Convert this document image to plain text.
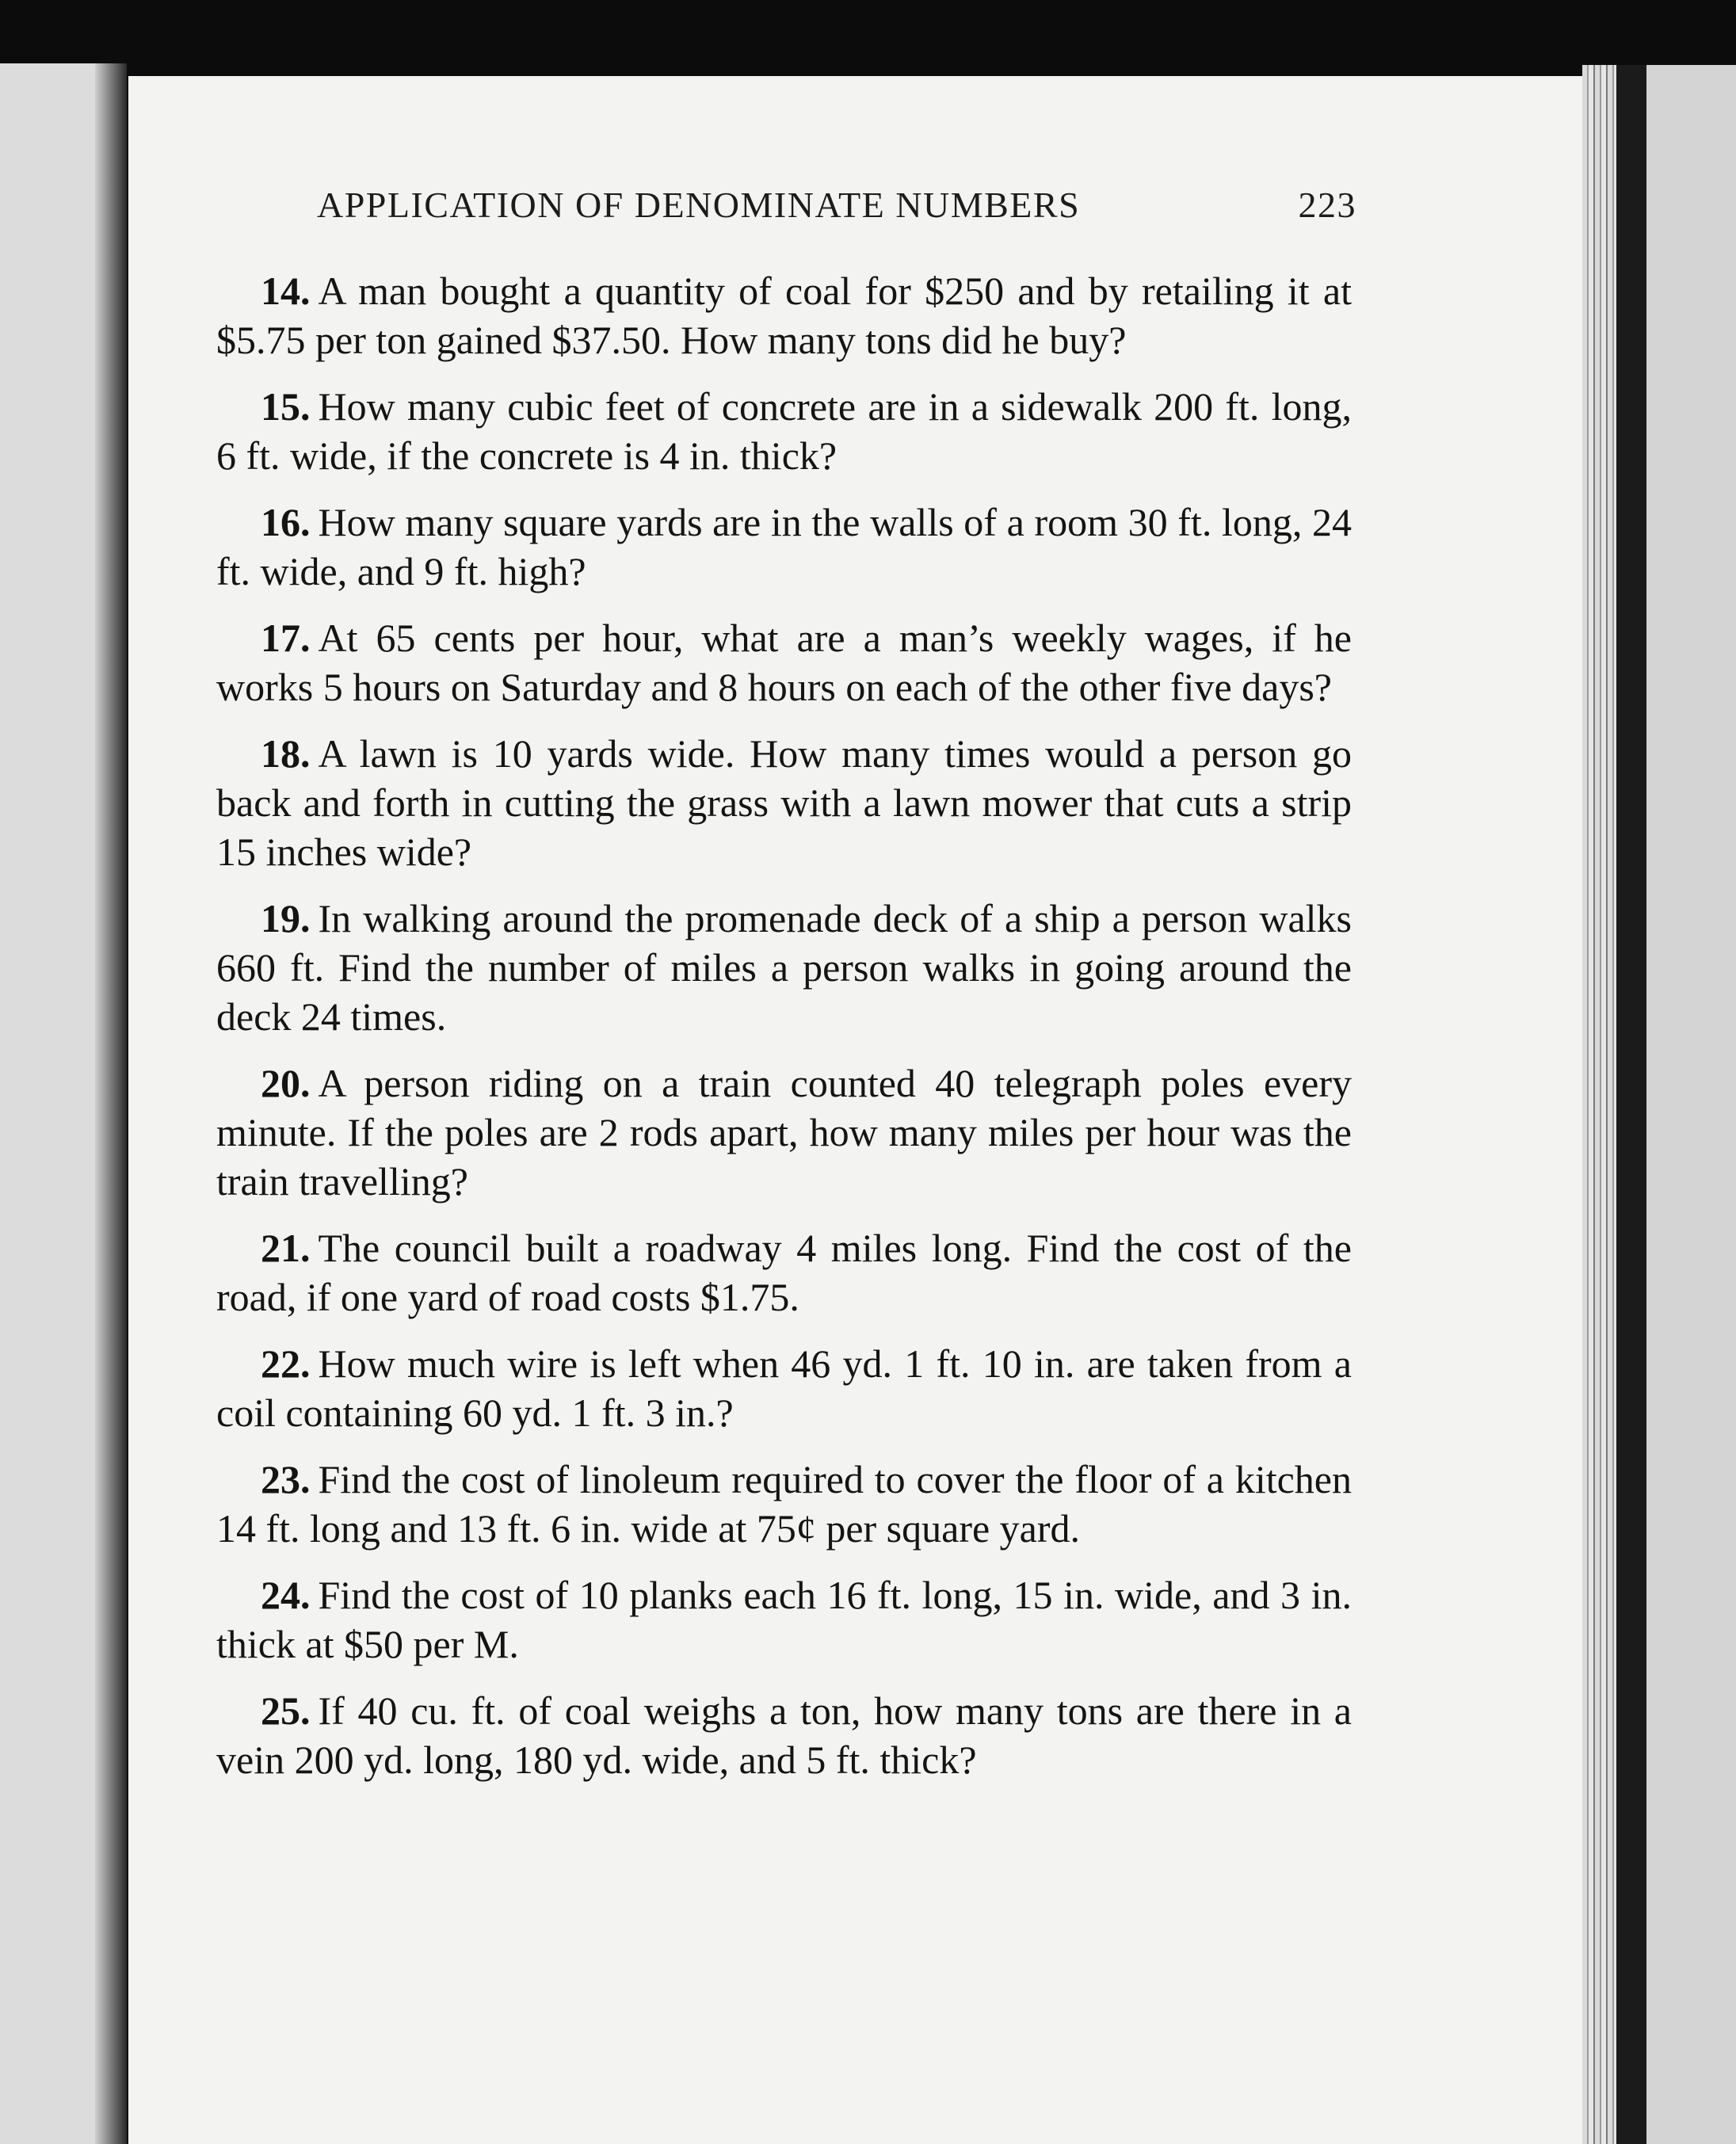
APPLICATION OF DENOMINATE NUMBERS	223

14. A man bought a quantity of coal for $250 and by retailing it at $5.75 per ton gained $37.50. How many tons did he buy?

15. How many cubic feet of concrete are in a sidewalk 200 ft. long, 6 ft. wide, if the concrete is 4 in. thick?

16. How many square yards are in the walls of a room 30 ft. long, 24 ft. wide, and 9 ft. high?

17. At 65 cents per hour, what are a man’s weekly wages, if he works 5 hours on Saturday and 8 hours on each of the other five days?

18. A lawn is 10 yards wide. How many times would a person go back and forth in cutting the grass with a lawn mower that cuts a strip 15 inches wide?

19. In walking around the promenade deck of a ship a person walks 660 ft. Find the number of miles a person walks in going around the deck 24 times.

20. A person riding on a train counted 40 telegraph poles every minute. If the poles are 2 rods apart, how many miles per hour was the train travelling?

21. The council built a roadway 4 miles long. Find the cost of the road, if one yard of road costs $1.75.

22. How much wire is left when 46 yd. 1 ft. 10 in. are taken from a coil containing 60 yd. 1 ft. 3 in.?

23. Find the cost of linoleum required to cover the floor of a kitchen 14 ft. long and 13 ft. 6 in. wide at 75¢ per square yard.

24. Find the cost of 10 planks each 16 ft. long, 15 in. wide, and 3 in. thick at $50 per M.

25. If 40 cu. ft. of coal weighs a ton, how many tons are there in a vein 200 yd. long, 180 yd. wide, and 5 ft. thick?
